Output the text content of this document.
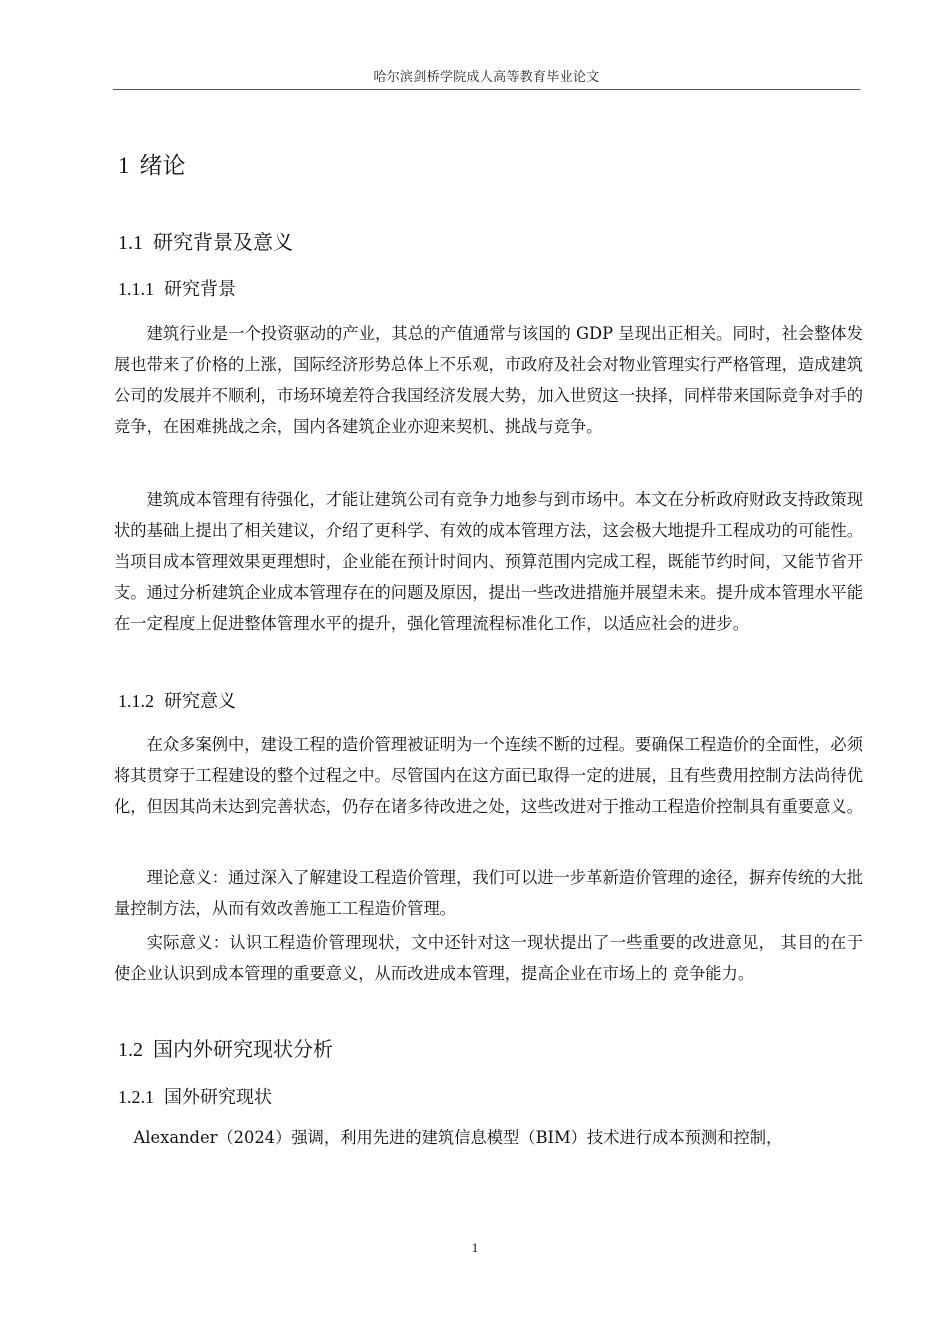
哈尔滨剑桥学院成人高等教育毕业论文
1 绪论
1.1 研究背景及意义
1.1.1 研究背景

建筑行业是一个投资驱动的产业，其总的产值通常与该国的 GDP 呈现出正相关。同时，社会整体发展也带来了价格的上涨，国际经济形势总体上不乐观，市政府及社会对物业管理实行严格管理，造成建筑公司的发展并不顺利，市场环境差符合我国经济发展大势，加入世贸这一抉择，同样带来国际竞争对手的竞争，在困难挑战之余，国内各建筑企业亦迎来契机、挑战与竞争。

建筑成本管理有待强化，才能让建筑公司有竞争力地参与到市场中。本文在分析政府财政支持政策现状的基础上提出了相关建议，介绍了更科学、有效的成本管理方法，这会极大地提升工程成功的可能性。当项目成本管理效果更理想时，企业能在预计时间内、预算范围内完成工程，既能节约时间，又能节省开支。通过分析建筑企业成本管理存在的问题及原因，提出一些改进措施并展望未来。提升成本管理水平能在一定程度上促进整体管理水平的提升，强化管理流程标准化工作，以适应社会的进步。

1.1.2 研究意义

在众多案例中，建设工程的造价管理被证明为一个连续不断的过程。要确保工程造价的全面性，必须将其贯穿于工程建设的整个过程之中。尽管国内在这方面已取得一定的进展，且有些费用控制方法尚待优化，但因其尚未达到完善状态，仍存在诸多待改进之处，这些改进对于推动工程造价控制具有重要意义。

理论意义：通过深入了解建设工程造价管理，我们可以进一步革新造价管理的途径，摒弃传统的大批量控制方法，从而有效改善施工工程造价管理。

实际意义：认识工程造价管理现状，文中还针对这一现状提出了一些重要的改进意见， 其目的在于使企业认识到成本管理的重要意义，从而改进成本管理，提高企业在市场上的 竞争能力。

1.2 国内外研究现状分析
1.2.1 国外研究现状

Alexander（2024）强调，利用先进的建筑信息模型（BIM）技术进行成本预测和控制，

1
